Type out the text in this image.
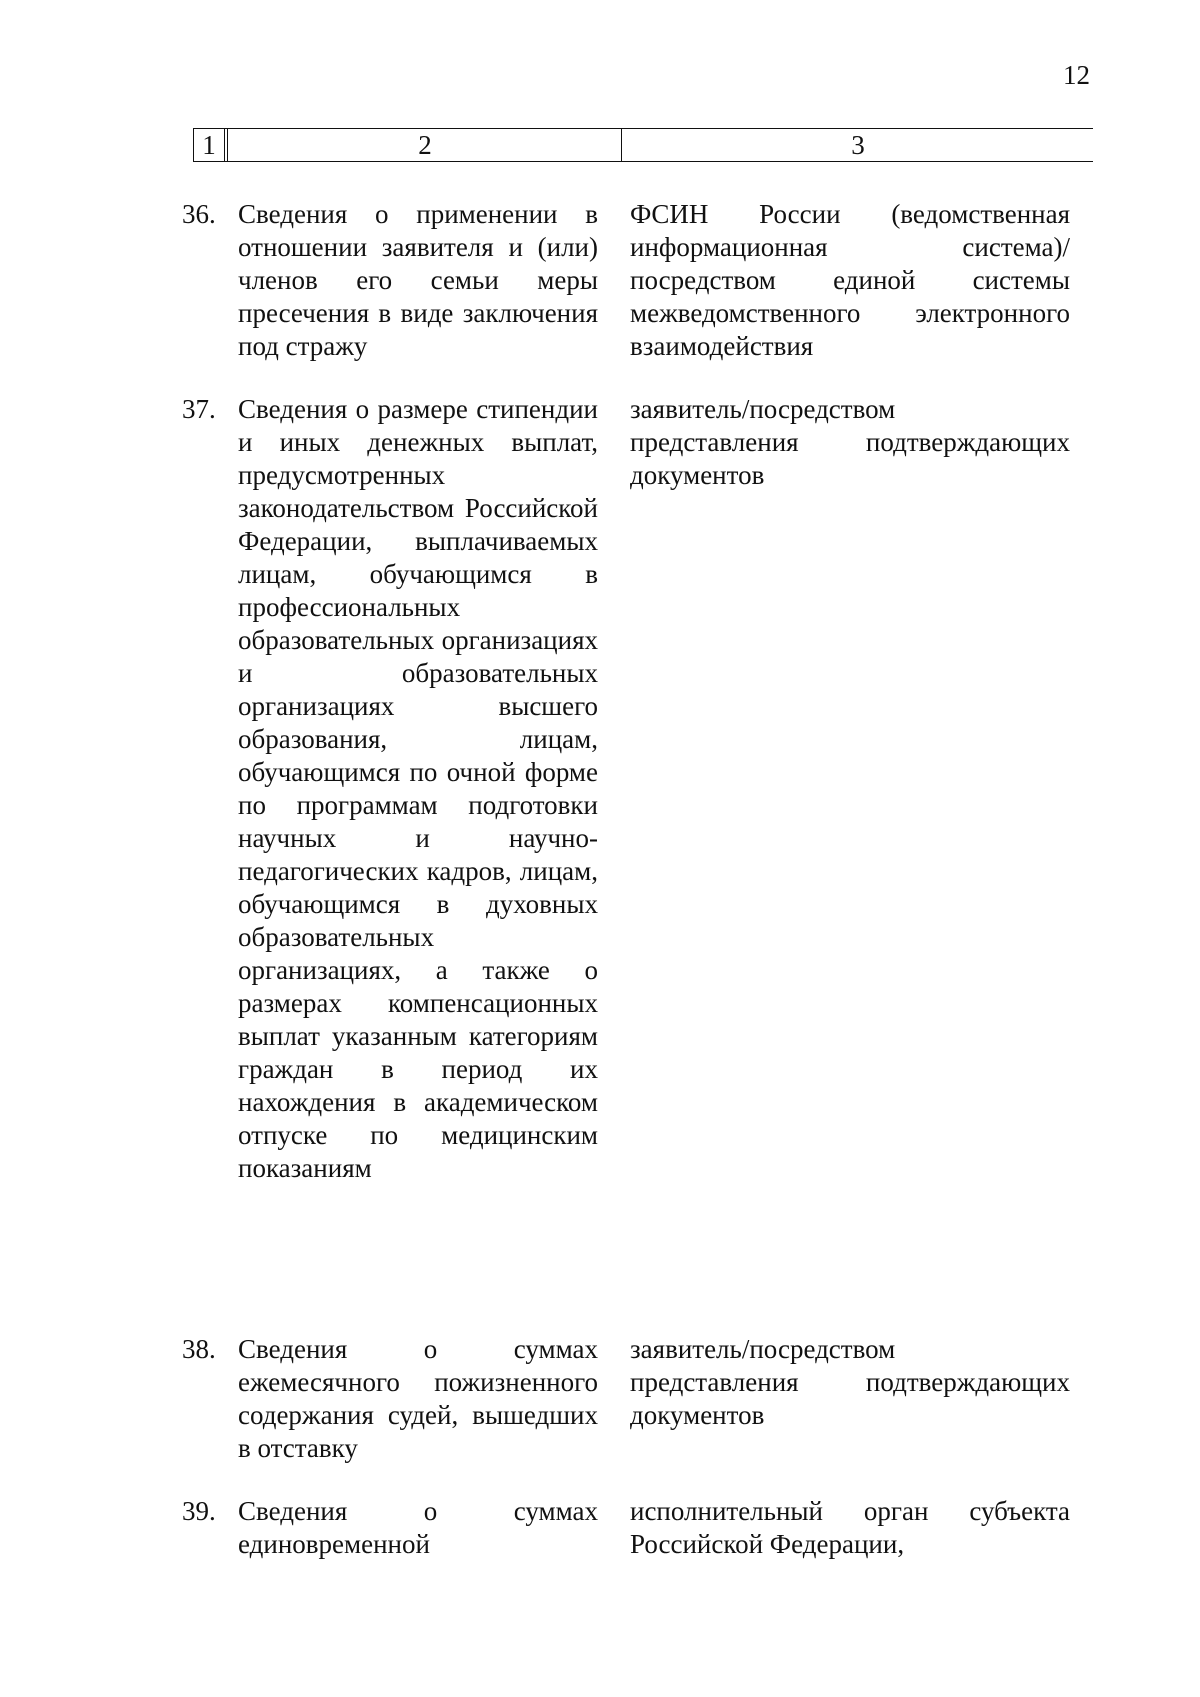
12
1	2	3
36. Сведения о применении в отношении заявителя и (или) членов его семьи меры пресечения в виде заключения под стражу
ФСИН России (ведомственная информационная система)/ посредством единой системы межведомственного электронного взаимодействия
37. Сведения о размере стипендии и иных денежных выплат, предусмотренных законодательством Российской Федерации, выплачиваемых лицам, обучающимся в профессиональных образовательных организациях и образовательных организациях высшего образования, лицам, обучающимся по очной форме по программам подготовки научных и научно-педагогических кадров, лицам, обучающимся в духовных образовательных организациях, а также о размерах компенсационных выплат указанным категориям граждан в период их нахождения в академическом отпуске по медицинским показаниям
заявитель/посредством представления подтверждающих документов
38. Сведения о суммах ежемесячного пожизненного содержания судей, вышедших в отставку
заявитель/посредством представления подтверждающих документов
39. Сведения о суммах единовременной
исполнительный орган субъекта Российской Федерации,
